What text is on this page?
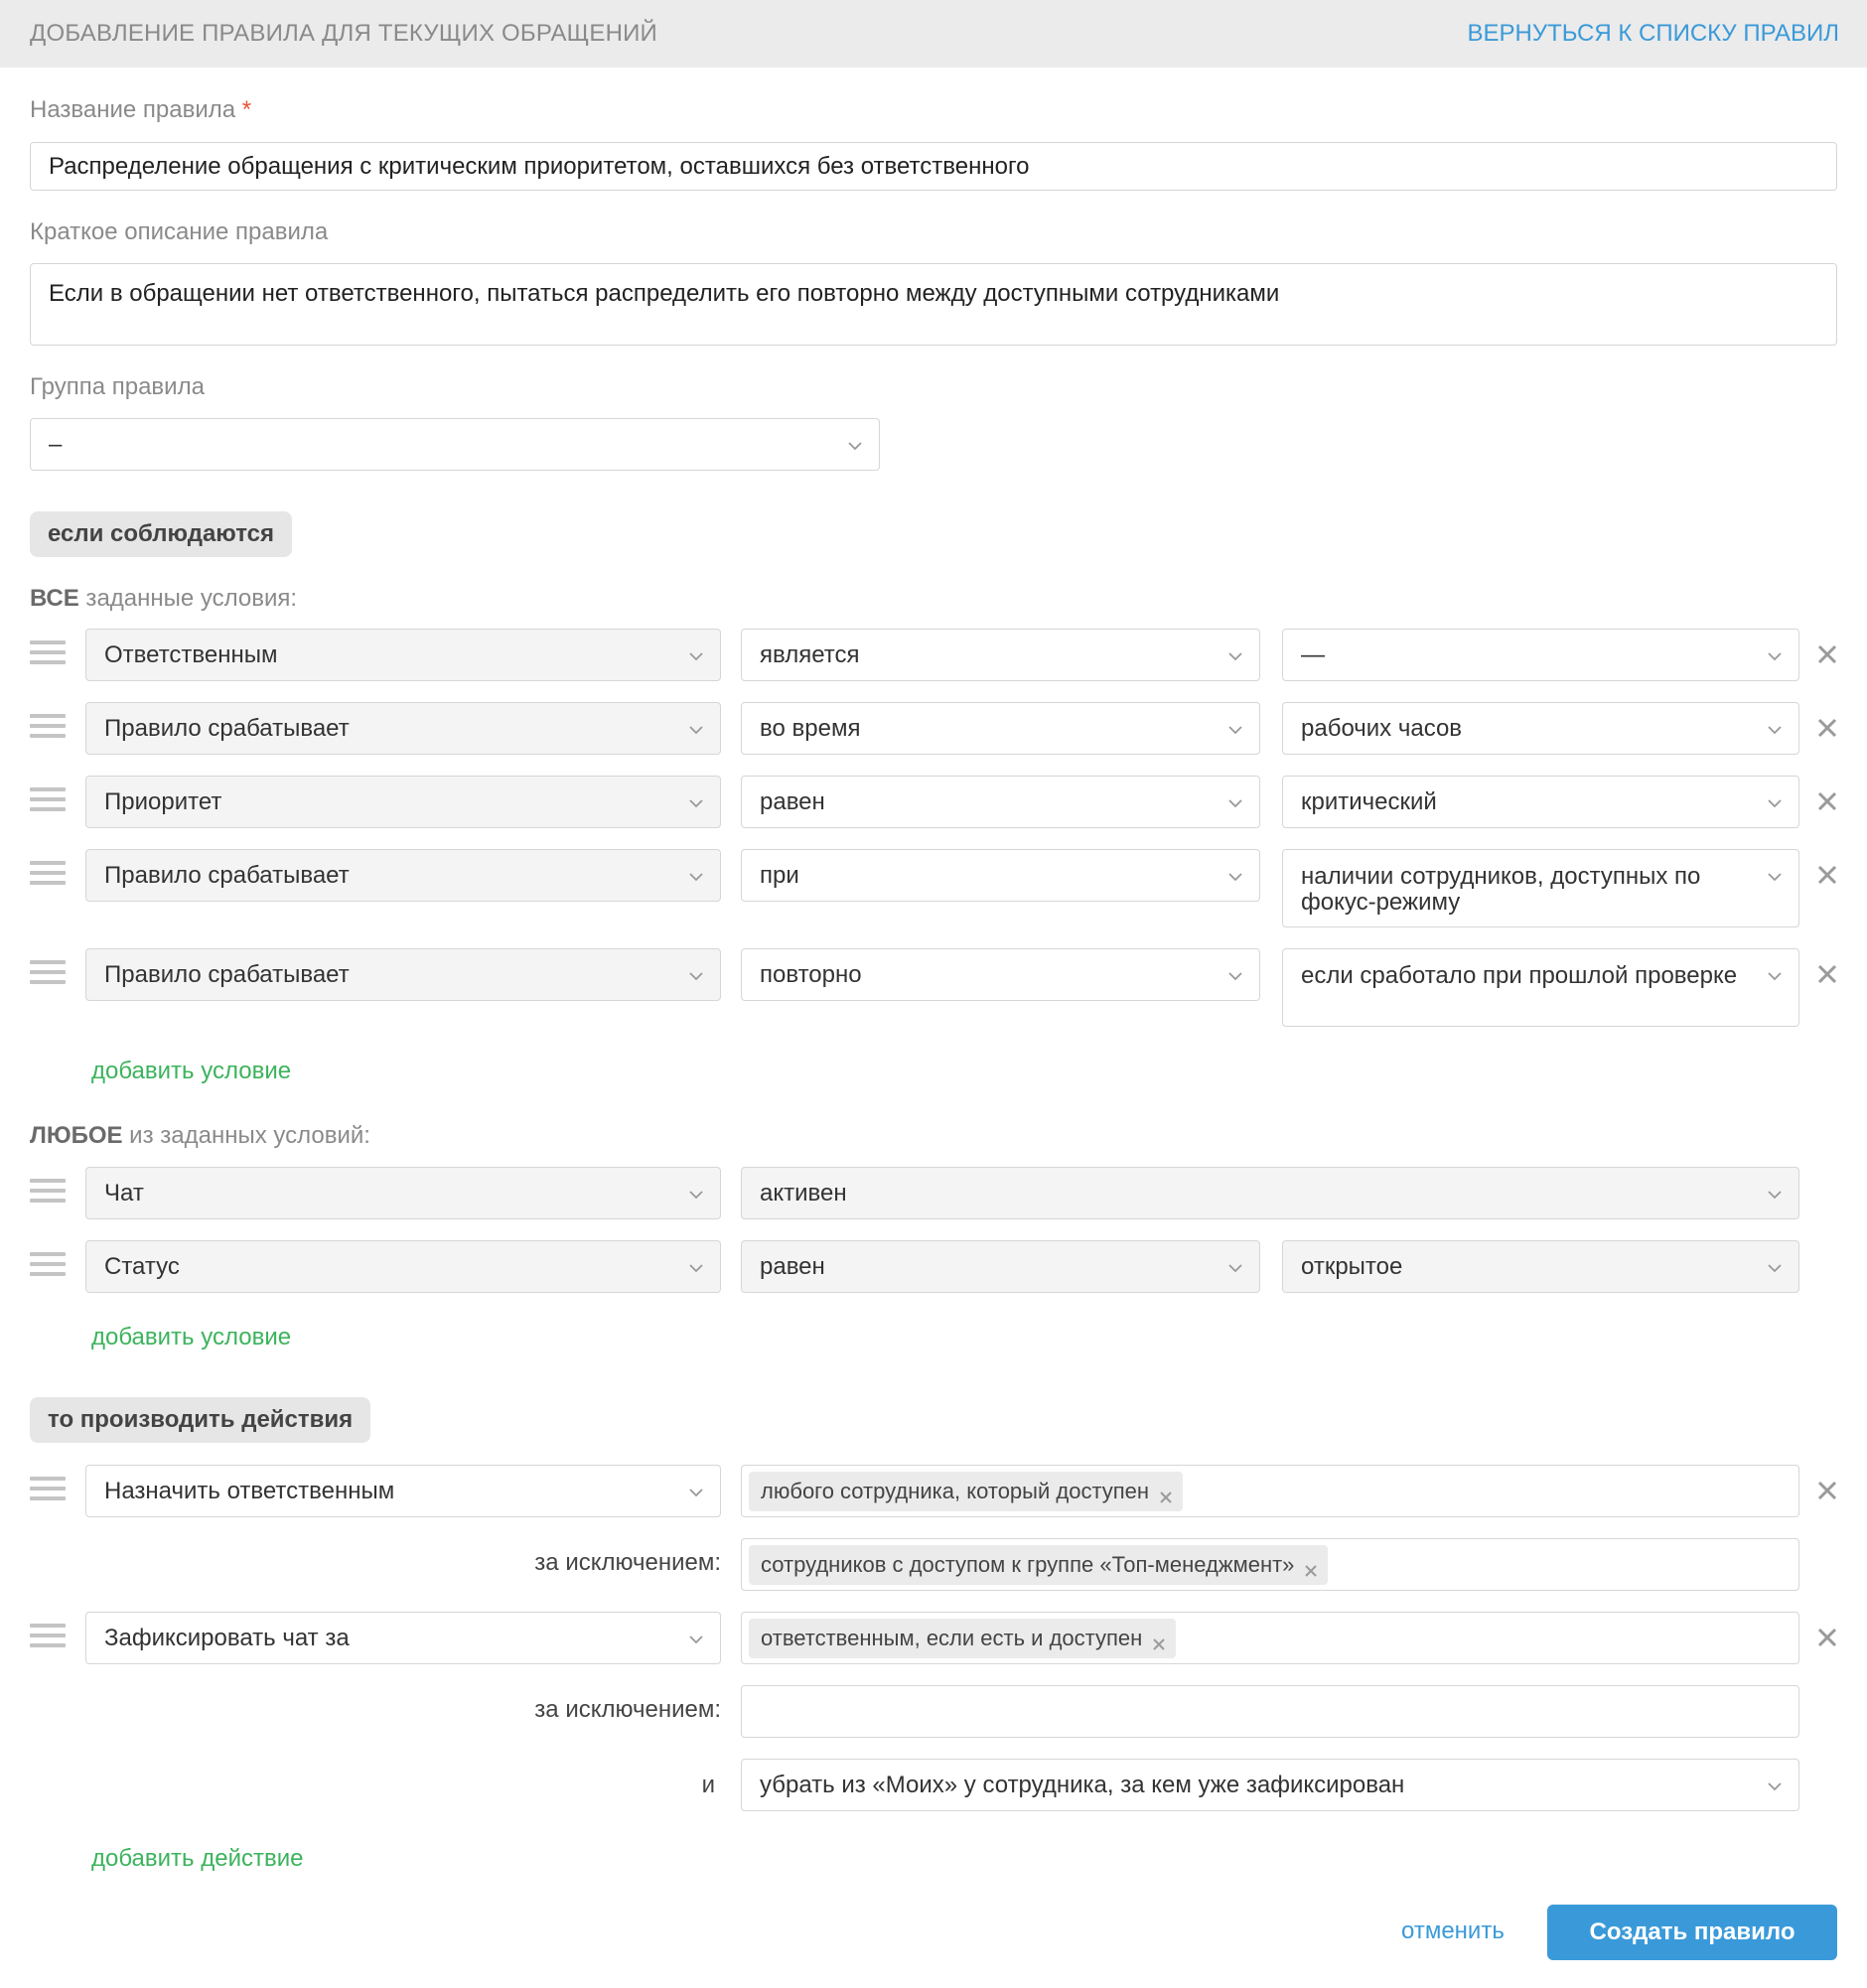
ДОБАВЛЕНИЕ ПРАВИЛА ДЛЯ ТЕКУЩИХ ОБРАЩЕНИЙ	ВЕРНУТЬСЯ К СПИСКУ ПРАВИЛ
Название правила *
Распределение обращения с критическим приоритетом, оставшихся без ответственного
Краткое описание правила
Если в обращении нет ответственного, пытаться распределить его повторно между доступными сотрудниками
Группа правила
–
если соблюдаются
ВСЕ заданные условия:
Ответственным	является	—
Правило срабатывает	во время	рабочих часов
Приоритет	равен	критический
Правило срабатывает	при	наличии сотрудников, доступных по фокус-режиму
Правило срабатывает	повторно	если сработало при прошлой проверке
добавить условие
ЛЮБОЕ из заданных условий:
Чат	активен
Статус	равен	открытое
добавить условие
то производить действия
Назначить ответственным	любого сотрудника, который доступен
за исключением: сотрудников с доступом к группе «Топ-менеджмент»
Зафиксировать чат за	ответственным, если есть и доступен
за исключением:
и убрать из «Моих» у сотрудника, за кем уже зафиксирован
добавить действие
отменить	Создать правило
